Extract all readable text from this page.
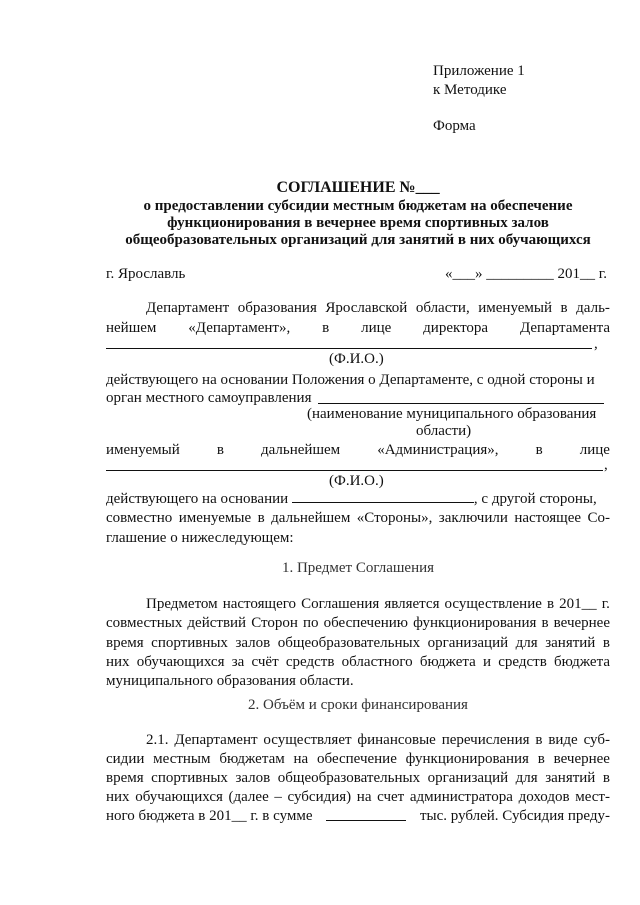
Приложение 1
к Методике
Форма
СОГЛАШЕНИЕ №___
о предоставлении субсидии местным бюджетам на обеспечение
функционирования в вечернее время спортивных залов
общеобразовательных организаций для занятий в них обучающихся
г. Ярославль	«___» _________ 201__ г.
Департамент образования Ярославской области, именуемый в даль-
нейшем «Департамент», в лице директора Департамента
,
(Ф.И.О.)
действующего на основании Положения о Департаменте, с одной стороны и
орган местного самоуправления
(наименование муниципального образования
области)
именуемый в дальнейшем «Администрация», в лице
,
(Ф.И.О.)
действующего на основании	, с другой стороны,
совместно именуемые в дальнейшем «Стороны», заключили настоящее Со-
глашение о нижеследующем:
1. Предмет Соглашения
Предметом настоящего Соглашения является осуществление в 201__ г.
совместных действий Сторон по обеспечению функционирования в вечернее
время спортивных залов общеобразовательных организаций для занятий в
них обучающихся за счёт средств областного бюджета и средств бюджета
муниципального образования области.
2. Объём и сроки финансирования
2.1. Департамент осуществляет финансовые перечисления в виде суб-
сидии местным бюджетам на обеспечение функционирования в вечернее
время спортивных залов общеобразовательных организаций для занятий в
них обучающихся (далее – субсидия) на счет администратора доходов мест-
ного бюджета в 201__ г. в сумме	тыс. рублей. Субсидия преду-
